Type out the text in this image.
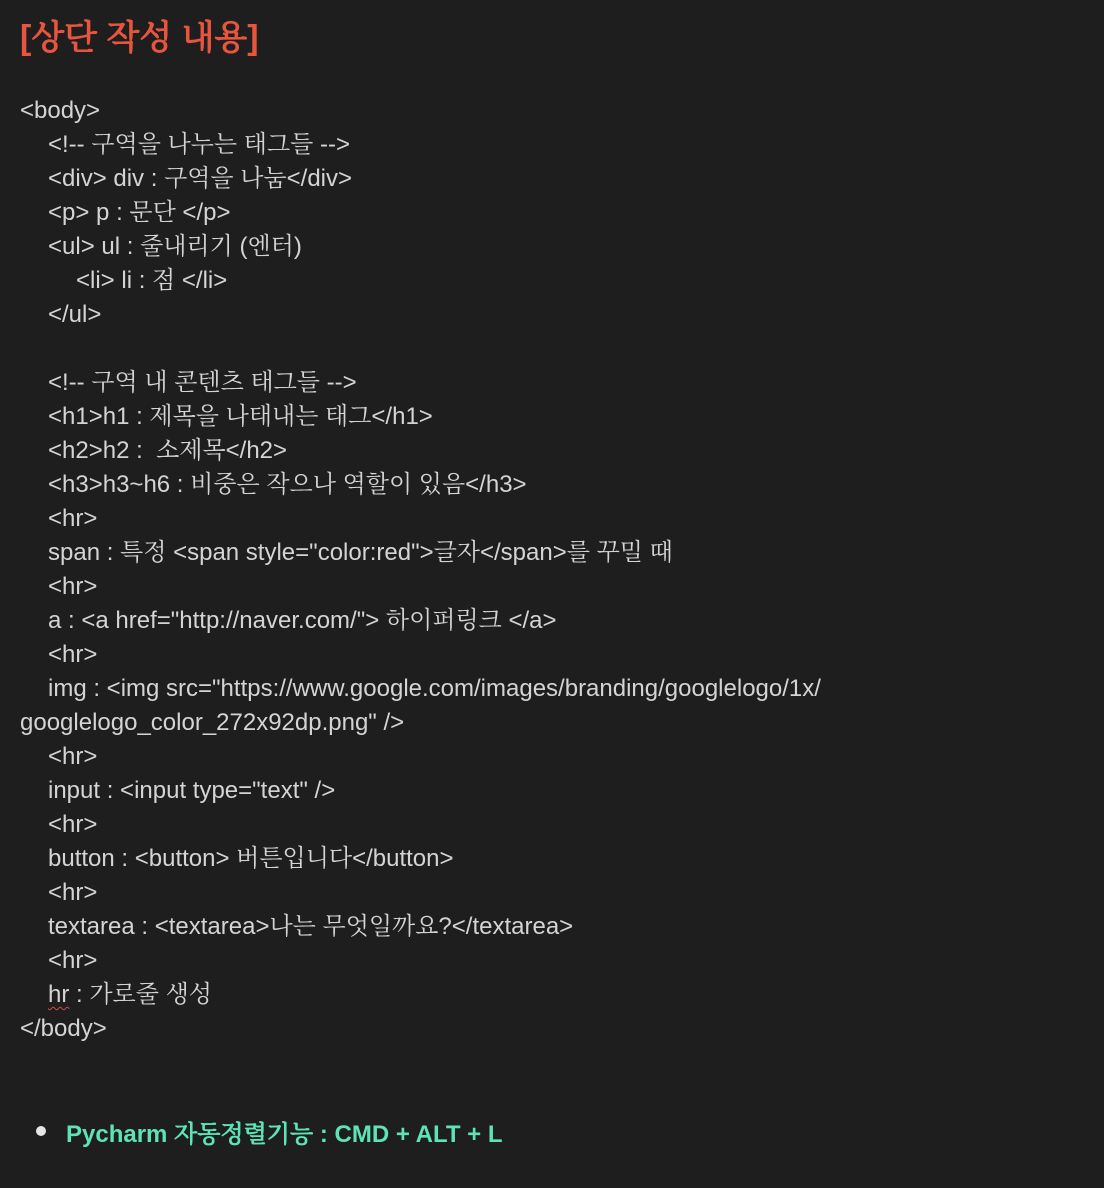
[상단 작성 내용]
<body>
<!-- 구역을 나누는 태그들 -->
<div> div : 구역을 나눔</div>
<p> p : 문단 </p>
<ul> ul : 줄내리기 (엔터)
<li> li : 점 </li>
</ul>
<!-- 구역 내 콘텐츠 태그들 -->
<h1>h1 : 제목을 나태내는 태그</h1>
<h2>h2 :  소제목</h2>
<h3>h3~h6 : 비중은 작으나 역할이 있음</h3>
<hr>
span : 특정 <span style="color:red">글자</span>를 꾸밀 때
<hr>
a : <a href="http://naver.com/"> 하이퍼링크 </a>
<hr>
img : <img src="https://www.google.com/images/branding/googlelogo/1x/
googlelogo_color_272x92dp.png" />
<hr>
input : <input type="text" />
<hr>
button : <button> 버튼입니다</button>
<hr>
textarea : <textarea>나는 무엇일까요?</textarea>
<hr>
hr : 가로줄 생성
</body>
Pycharm 자동정렬기능 : CMD + ALT + L
